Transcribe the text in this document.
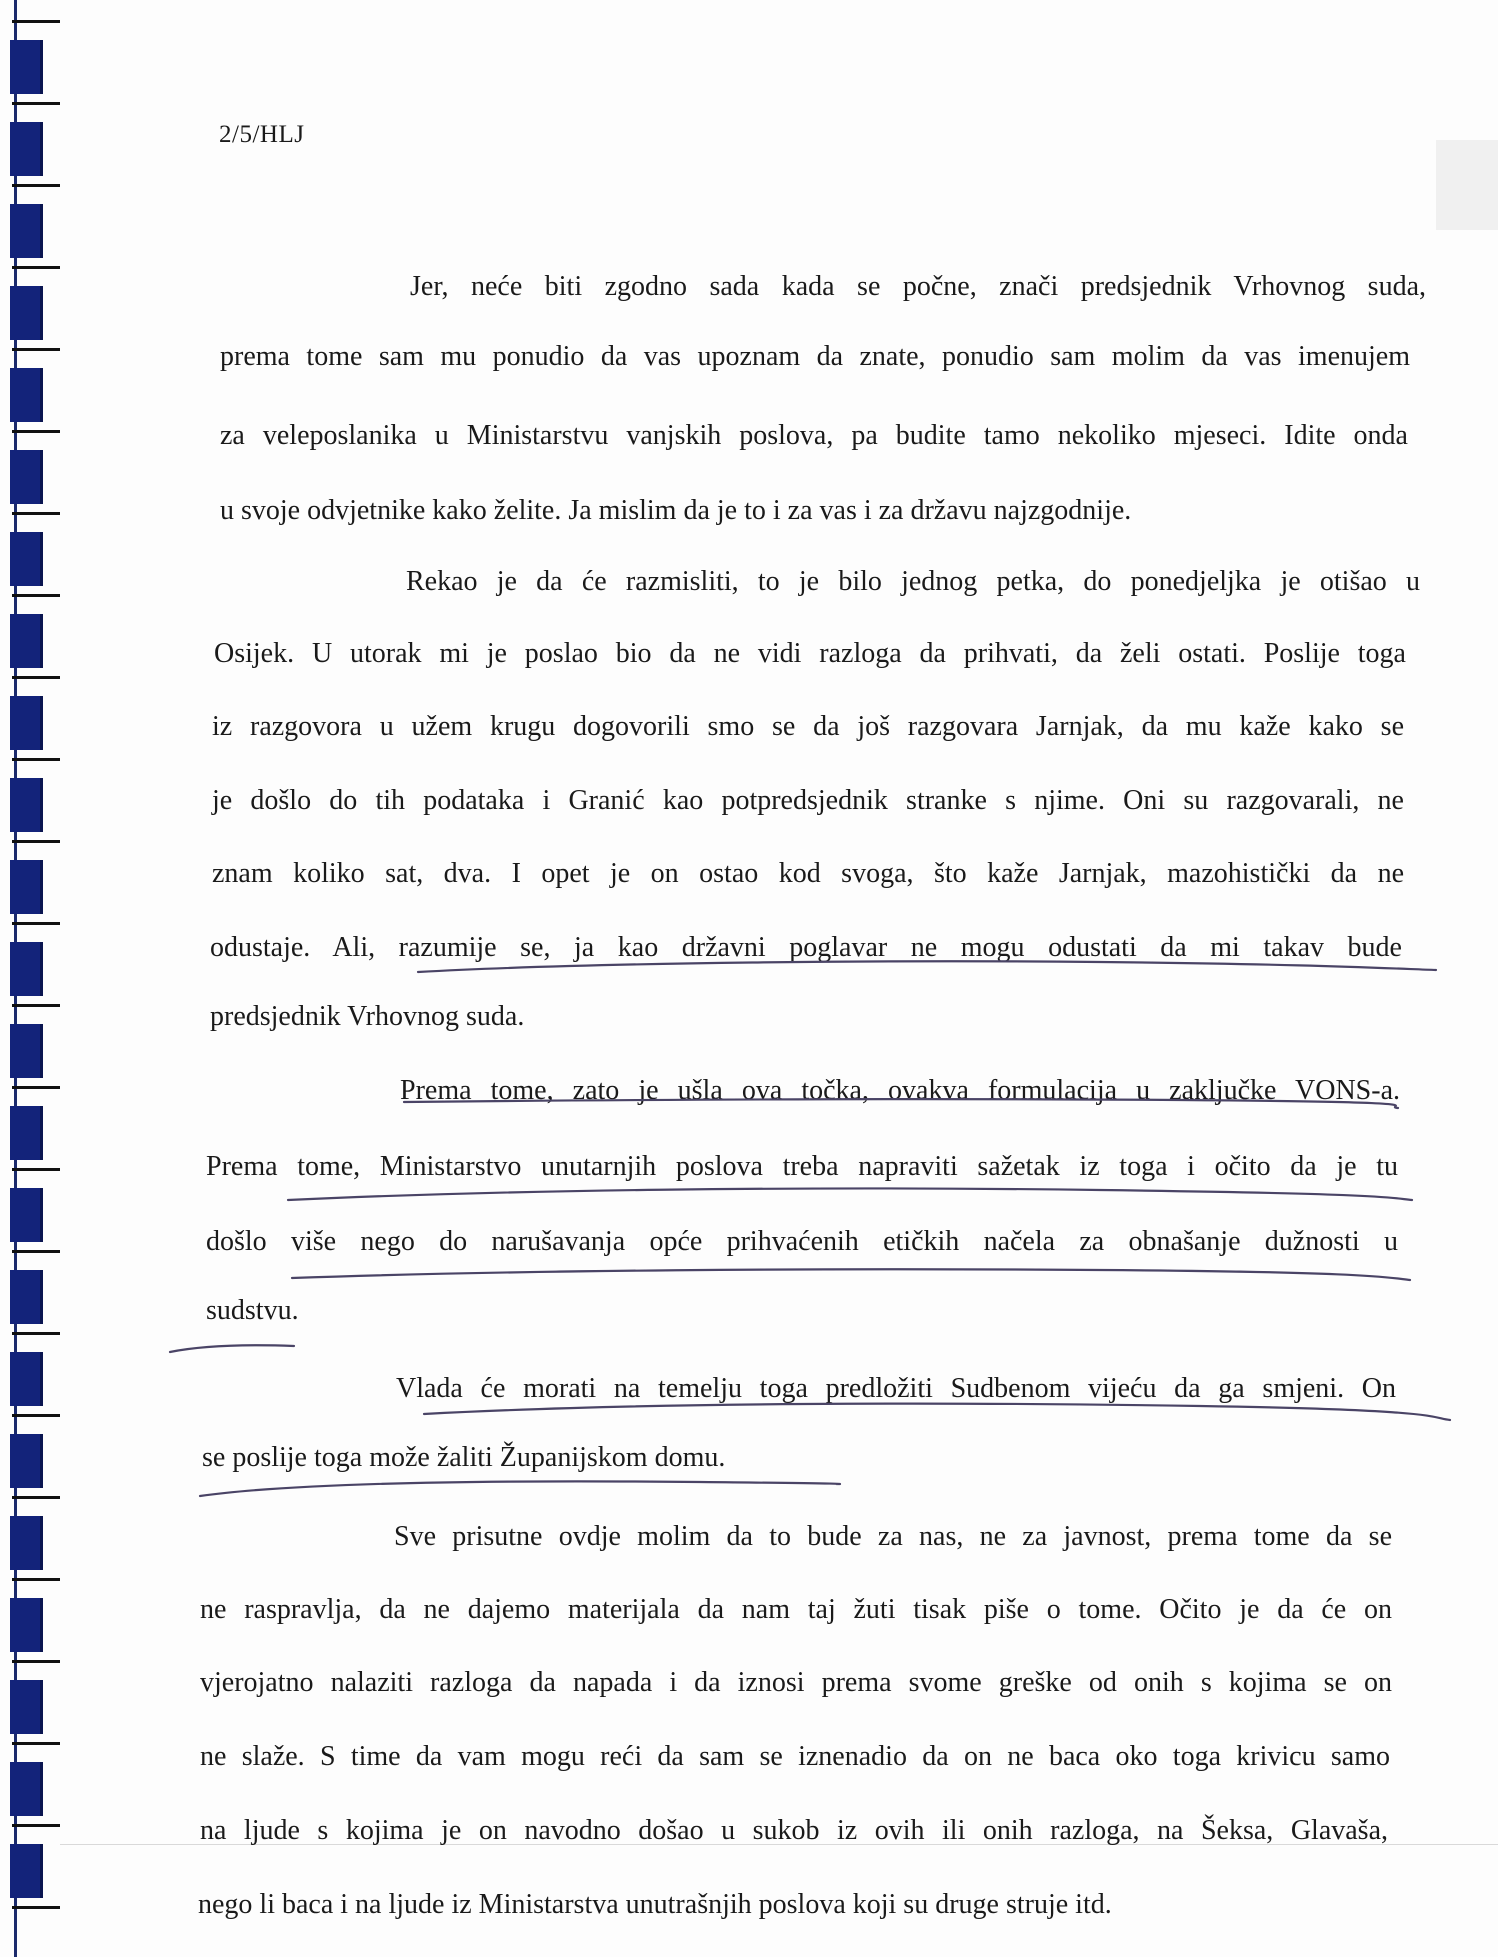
2/5/HLJ

Jer, neće biti zgodno sada kada se počne, znači predsjednik Vrhovnog suda,

prema tome sam mu ponudio da vas upoznam da znate, ponudio sam molim da vas imenujem

za veleposlanika u Ministarstvu vanjskih poslova, pa budite tamo nekoliko mjeseci. Idite onda

u svoje odvjetnike kako želite. Ja mislim da je to i za vas i za državu najzgodnije.

Rekao je da će razmisliti, to je bilo jednog petka, do ponedjeljka je otišao u

Osijek. U utorak mi je poslao bio da ne vidi razloga da prihvati, da želi ostati. Poslije toga

iz razgovora u užem krugu dogovorili smo se da još razgovara Jarnjak, da mu kaže kako se

je došlo do tih podataka i Granić kao potpredsjednik stranke s njime. Oni su razgovarali, ne

znam koliko sat, dva. I opet je on ostao kod svoga, što kaže Jarnjak, mazohistički da ne

odustaje. Ali, razumije se, ja kao državni poglavar ne mogu odustati da mi takav bude

predsjednik Vrhovnog suda.

Prema tome, zato je ušla ova točka, ovakva formulacija u zaključke VONS-a.

Prema tome, Ministarstvo unutarnjih poslova treba napraviti sažetak iz toga i očito da je tu

došlo više nego do narušavanja opće prihvaćenih etičkih načela za obnašanje dužnosti u

sudstvu.

Vlada će morati na temelju toga predložiti Sudbenom vijeću da ga smjeni. On

se poslije toga može žaliti Županijskom domu.

Sve prisutne ovdje molim da to bude za nas, ne za javnost, prema tome da se

ne raspravlja, da ne dajemo materijala da nam taj žuti tisak piše o tome. Očito je da će on

vjerojatno nalaziti razloga da napada i da iznosi prema svome greške od onih s kojima se on

ne slaže. S time da vam mogu reći da sam se iznenadio da on ne baca oko toga krivicu samo

na ljude s kojima je on navodno došao u sukob iz ovih ili onih razloga, na Šeksa, Glavaša,

nego li baca i na ljude iz Ministarstva unutrašnjih poslova koji su druge struje itd.
